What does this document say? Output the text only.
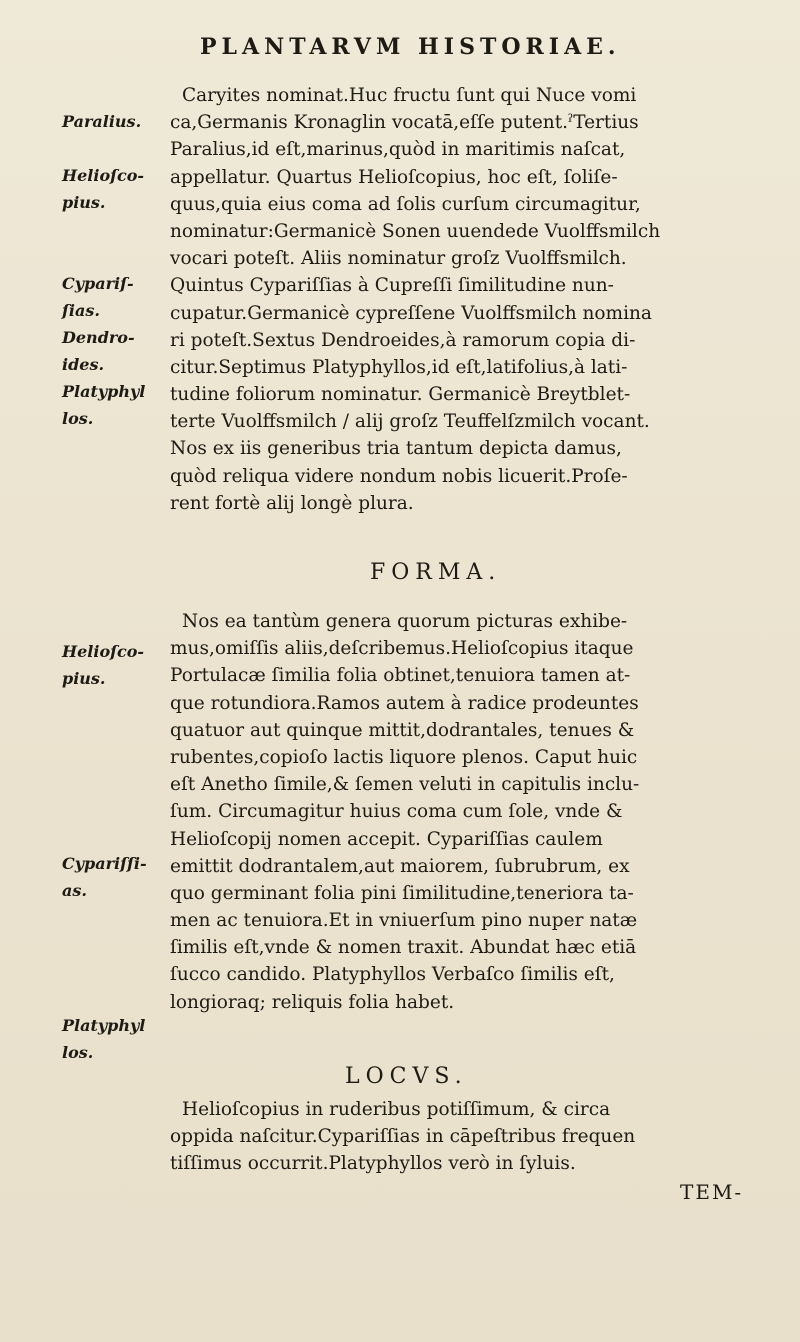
PLANTARVM HISTORIAE.
Paralius.
Helioſco-
pius.
Cypariſ-
ſias.
Dendro-
ides.
Platyphyl
los.
Helioſco-
pius.
Cypariſſi-
as.
Platyphyl
los.
Caryites nominat.Huc fructu ſunt qui Nuce vomi
ca,Germanis Kronaglin vocatā,eſſe putent.ˀTertius
Paralius,id eſt,marinus,quòd in maritimis naſcat,
appellatur. Quartus Helioſcopius, hoc eſt, ſoliſe-
quus,quia eius coma ad ſolis curſum circumagitur,
nominatur:Germanicè Sonen uuendede Vuolffsmilch
vocari poteſt. Aliis nominatur groſz Vuolffsmilch.
Quintus Cypariſſias à Cupreſſi ſimilitudine nun-
cupatur.Germanicè cypreſſene Vuolffsmilch nomina
ri poteſt.Sextus Dendroeides,à ramorum copia di-
citur.Septimus Platyphyllos,id eſt,latifolius,à lati-
tudine foliorum nominatur. Germanicè Breytblet-
terte Vuolffsmilch / alij groſz Teuffelſzmilch vocant.
Nos ex iis generibus tria tantum depicta damus,
quòd reliqua videre nondum nobis licuerit.Proſe-
rent fortè alij longè plura.
FORMA.
Nos ea tantùm genera quorum picturas exhibe-
mus,omiſſis aliis,deſcribemus.Helioſcopius itaque
Portulacæ ſimilia folia obtinet,tenuiora tamen at-
que rotundiora.Ramos autem à radice prodeuntes
quatuor aut quinque mittit,dodrantales, tenues &
rubentes,copioſo lactis liquore plenos. Caput huic
eſt Anetho ſimile,& ſemen veluti in capitulis inclu-
ſum. Circumagitur huius coma cum ſole, vnde &
Helioſcopij nomen accepit. Cypariſſias caulem
emittit dodrantalem,aut maiorem, ſubrubrum, ex
quo germinant folia pini ſimilitudine,teneriora ta-
men ac tenuiora.Et in vniuerſum pino nuper natæ
ſimilis eſt,vnde & nomen traxit. Abundat hæc etiā
ſucco candido. Platyphyllos Verbaſco ſimilis eſt,
longioraq; reliquis folia habet.
LOCVS.
Helioſcopius in ruderibus potiſſimum, & circa
oppida naſcitur.Cypariſſias in cāpeſtribus frequen
tiſſimus occurrit.Platyphyllos verò in ſyluis.
TEM-
